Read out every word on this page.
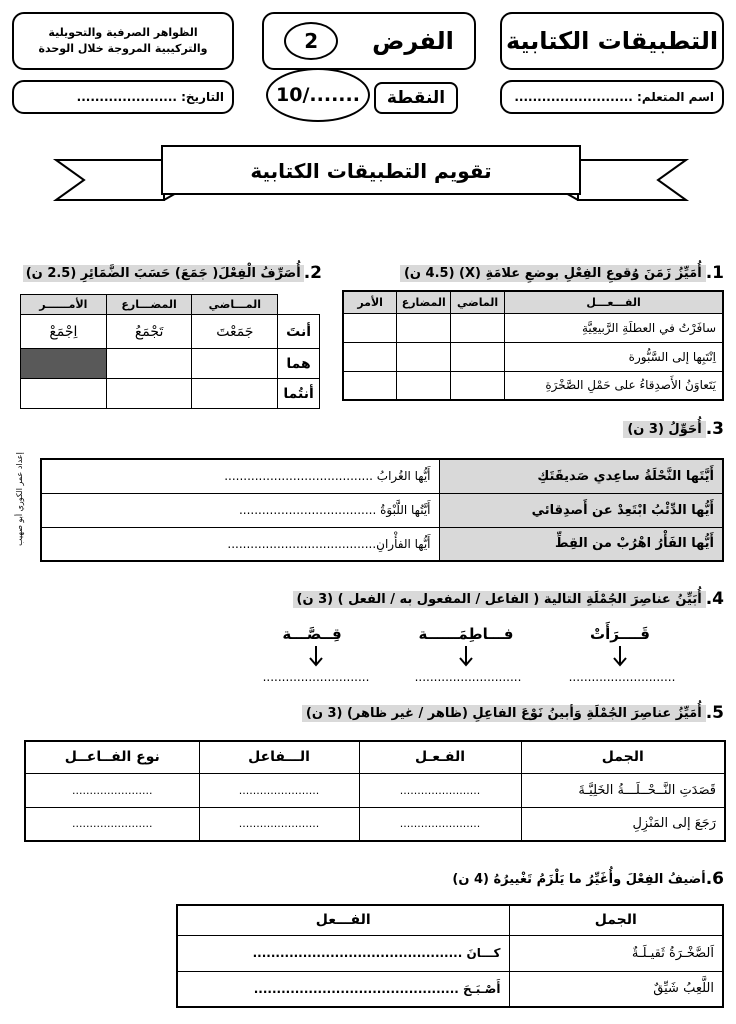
الظواهر الصرفية والتحويلية
والتركيبية المروجة خلال الوحدة	الفرض
2	التطبيقات الكتابية
التاريخ: ......................	10/....... النقطة	اسم المتعلم: ..........................
تقويم التطبيقات الكتابية
إعداد عمر الكوري أبو صهيب
1.
أُمَيِّزُ زَمَنَ وُقوعِ الفِعْلِ بوضعِ علامَةِ (X) (4.5 ن)
الفـــعـــل	الماضي	المضارع	الأمر
سافَرْتُ في العطلَةِ الرَّبيعِيَّةِ			
اِنْتَبِها إلى السَّبُّورة			
يَتَعاوَنُ الأَصدِقاءُ على حَمْلِ الصَّخْرَةِ			
2.
أُصَرِّفُ الْفِعْلَ( جَمَعَ) حَسَبَ الضَّمَائِرِ (2.5 ن)
	المـــاضي	المضـــارع	الأمــــــر
أنتَ	جَمَعْتَ	تَجْمَعُ	اِجْمَعْ
هما			
أنتُما			
3.
أُحَوِّلُ (3 ن)
أَيَّتَها النَّحْلَةُ ساعِدي صَديقَتَكِ	أَيُّها الغُرابُ .......................................
أَيُّها الدِّئْبُ ابْتَعِدْ عن أَصدِقائي	أَيَّتُها اللَّبْوَةُ ....................................
أَيُّها الفَأْرُ اهْرُبْ من القِطِّ	أَيُّها الفأْرانِ.......................................
4.
أُبَيِّنُ عناصِرَ الجُمْلَةِ التالية ( الفاعل / المفعول به / الفعل ) (3 ن)
قَــــرَأَتْ
فـــاطِمَــــــة
قِــصَّـــة
............................
............................
............................
5.
أُمَيِّزُ عناصِرَ الجُمْلَةِ وَأبينُ نَوْعَ الفاعِلِ (ظاهر / غير ظاهر) (3 ن)
الجمل	الفـعـل	الـــفاعل	نوع الفــاعــل
قَصَدَتِ النَّــحْــلَـــةُ الخَلِيَّـةَ	.......................	.......................	.......................
رَجَعَ إلى المَنْزِلِ	.......................	.......................	.......................
6.
أضيفُ الفِعْلَ وأُغَيِّرُ ما يَلْزَمُ تَغْييرُهُ (4 ن)
الجمل	الفـــعل
اَلصَّخْـرَةُ ثَقيـلَـةٌ	كـــانَ ..............................................
اللَّعِبُ شَيِّقٌ	أَصْـبَـحَ .............................................
